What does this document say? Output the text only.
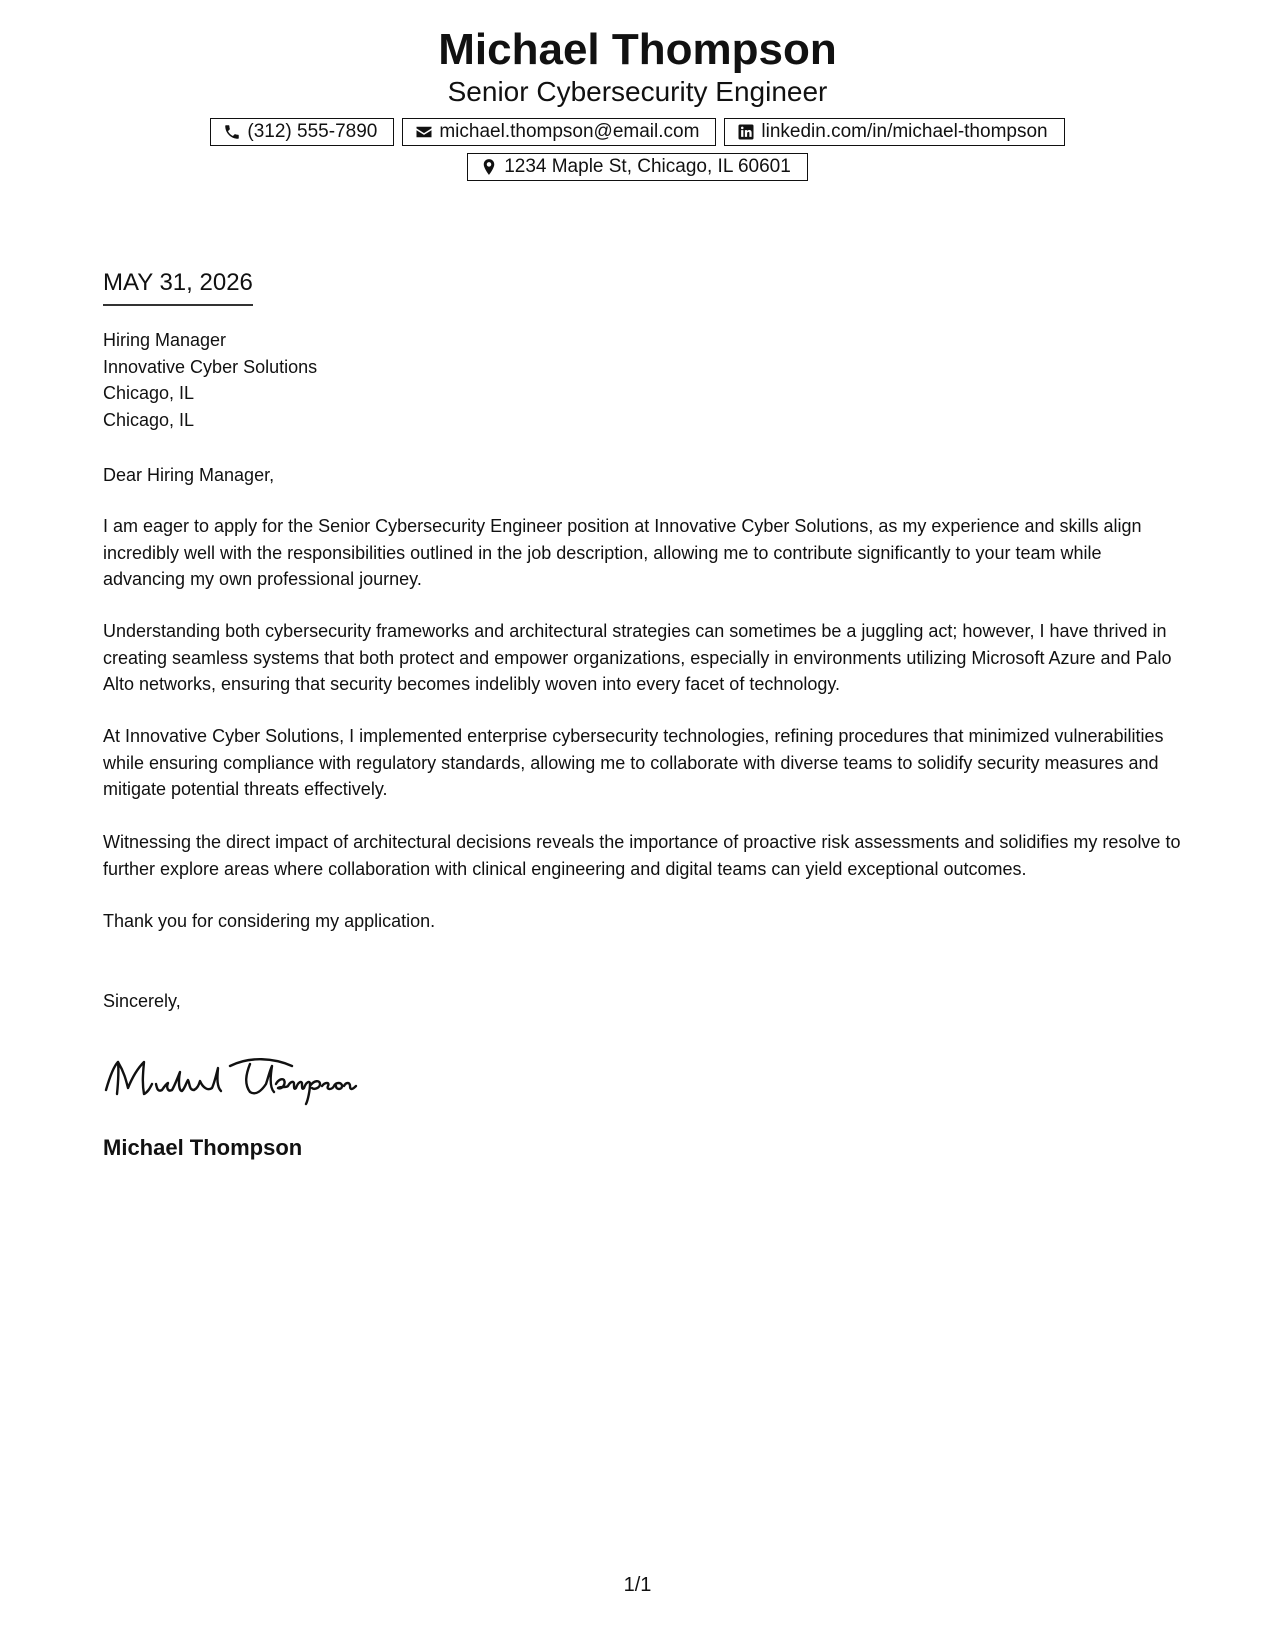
Michael Thompson
Senior Cybersecurity Engineer
(312) 555-7890	michael.thompson@email.com	linkedin.com/in/michael-thompson
1234 Maple St, Chicago, IL 60601
MAY 31, 2026
Hiring Manager
Innovative Cyber Solutions
Chicago, IL
Chicago, IL
Dear Hiring Manager,
I am eager to apply for the Senior Cybersecurity Engineer position at Innovative Cyber Solutions, as my experience and skills align incredibly well with the responsibilities outlined in the job description, allowing me to contribute significantly to your team while advancing my own professional journey.
Understanding both cybersecurity frameworks and architectural strategies can sometimes be a juggling act; however, I have thrived in creating seamless systems that both protect and empower organizations, especially in environments utilizing Microsoft Azure and Palo Alto networks, ensuring that security becomes indelibly woven into every facet of technology.
At Innovative Cyber Solutions, I implemented enterprise cybersecurity technologies, refining procedures that minimized vulnerabilities while ensuring compliance with regulatory standards, allowing me to collaborate with diverse teams to solidify security measures and mitigate potential threats effectively.
Witnessing the direct impact of architectural decisions reveals the importance of proactive risk assessments and solidifies my resolve to further explore areas where collaboration with clinical engineering and digital teams can yield exceptional outcomes.
Thank you for considering my application.
Sincerely,
Michael Thompson
1/1
